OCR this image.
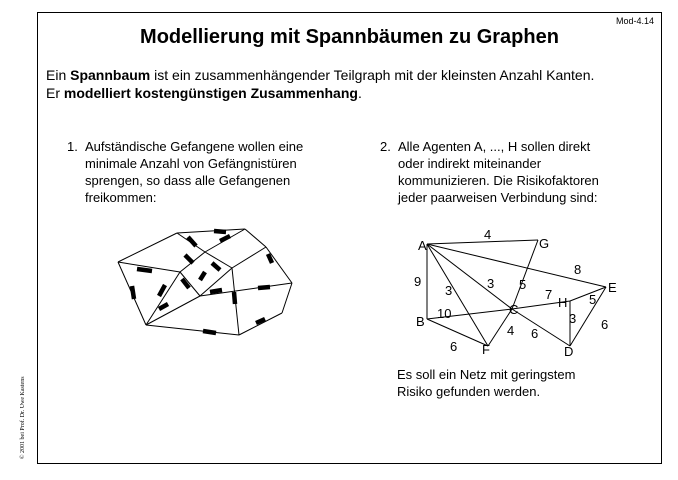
Mod-4.14
Modellierung mit Spannbäumen zu Graphen
Ein Spannbaum ist ein zusammenhängender Teilgraph mit der kleinsten Anzahl Kanten.
Er modelliert kostengünstigen Zusammenhang.
1. Aufständische Gefangene wollen eine
minimale Anzahl von Gefängnistüren
sprengen, so dass alle Gefangenen
freikommen:
2. Alle Agenten A, ..., H sollen direkt
oder indirekt miteinander
kommunizieren. Die Risikofaktoren
jeder paarweisen Verbindung sind:
Es soll ein Netz mit geringstem
Risiko gefunden werden.
© 2001 bei Prof. Dr. Uwe Kastens
4
8
9
3	3 5
7	5
3 6
10
4 6
6
A	G
E
H
C
B
F	D
